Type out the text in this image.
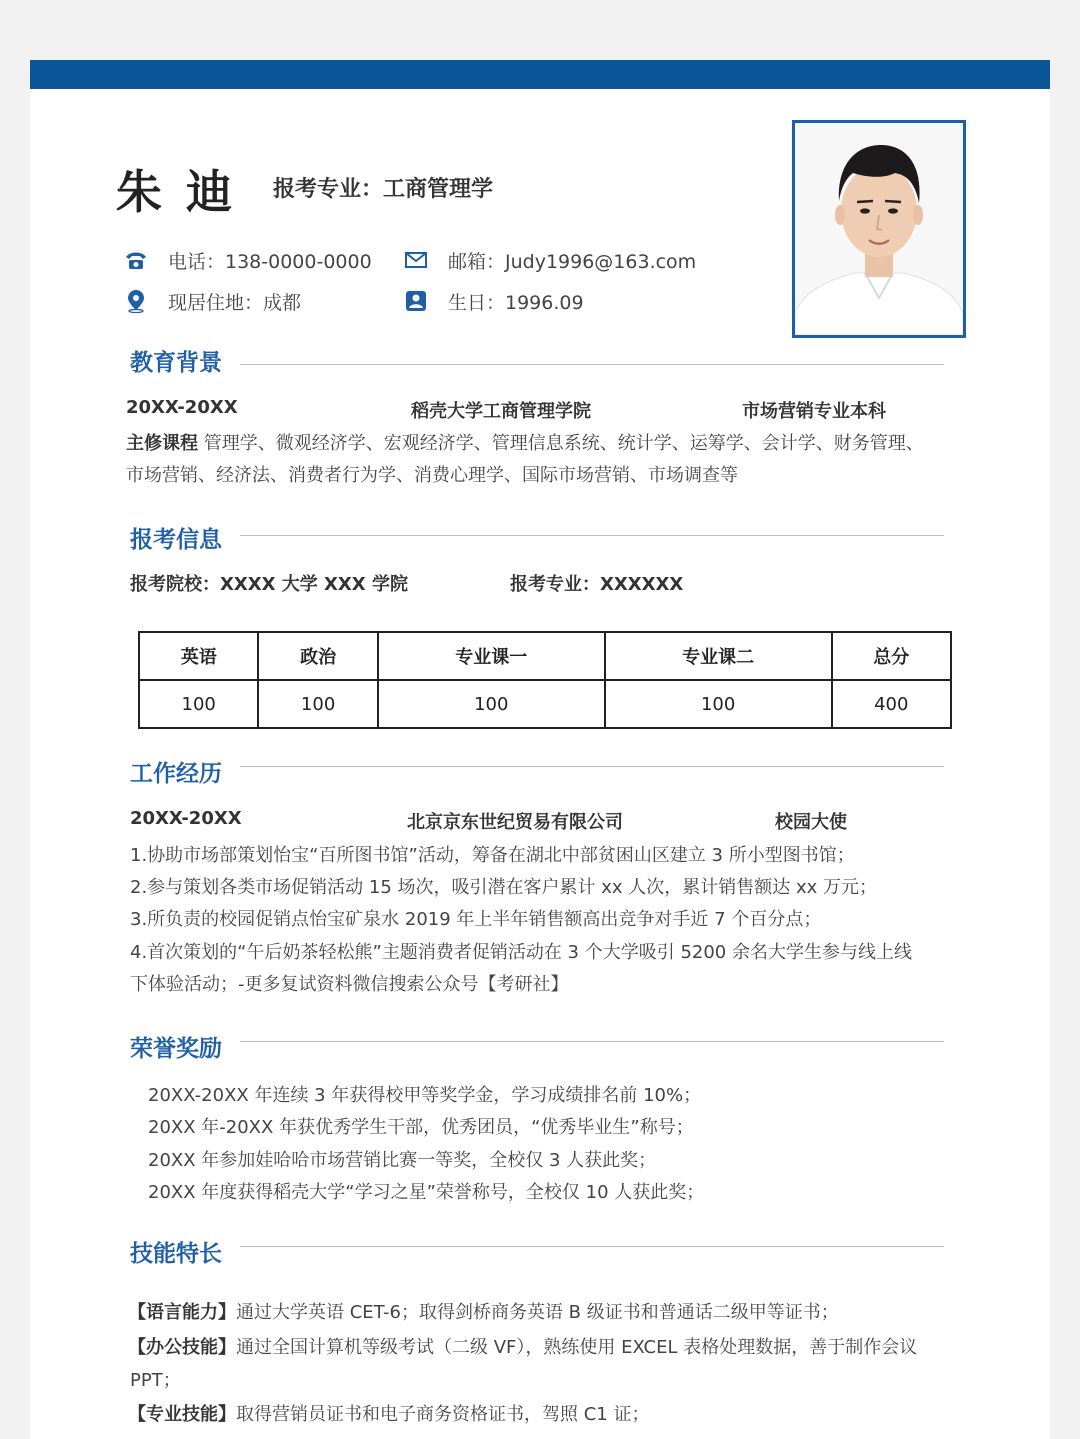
朱 迪 报考专业：工商管理学
电话：138-0000-0000	邮箱：Judy1996@163.com
现居住地：成都	生日：1996.09
教育背景
20XX-20XX	稻壳大学工商管理学院	市场营销专业本科
主修课程 管理学、微观经济学、宏观经济学、管理信息系统、统计学、运筹学、会计学、财务管理、
市场营销、经济法、消费者行为学、消费心理学、国际市场营销、市场调查等
报考信息
报考院校：XXXX 大学 XXX 学院	报考专业：XXXXXX
英语	政治	专业课一	专业课二	总分
100	100	100	100	400
工作经历
20XX-20XX	北京京东世纪贸易有限公司	校园大使
1.协助市场部策划怡宝“百所图书馆”活动，筹备在湖北中部贫困山区建立 3 所小型图书馆；
2.参与策划各类市场促销活动 15 场次，吸引潜在客户累计 xx 人次，累计销售额达 xx 万元；
3.所负责的校园促销点怡宝矿泉水 2019 年上半年销售额高出竞争对手近 7 个百分点；
4.首次策划的“午后奶茶轻松熊”主题消费者促销活动在 3 个大学吸引 5200 余名大学生参与线上线
下体验活动；-更多复试资料微信搜索公众号【考研社】
荣誉奖励
20XX-20XX 年连续 3 年获得校甲等奖学金，学习成绩排名前 10%；
20XX 年-20XX 年获优秀学生干部，优秀团员，“优秀毕业生”称号；
20XX 年参加娃哈哈市场营销比赛一等奖，全校仅 3 人获此奖；
20XX 年度获得稻壳大学“学习之星”荣誉称号，全校仅 10 人获此奖；
技能特长
【语言能力】通过大学英语 CET-6；取得剑桥商务英语 B 级证书和普通话二级甲等证书；
【办公技能】通过全国计算机等级考试（二级 VF），熟练使用 EXCEL 表格处理数据，善于制作会议
PPT；
【专业技能】取得营销员证书和电子商务资格证书，驾照 C1 证；
